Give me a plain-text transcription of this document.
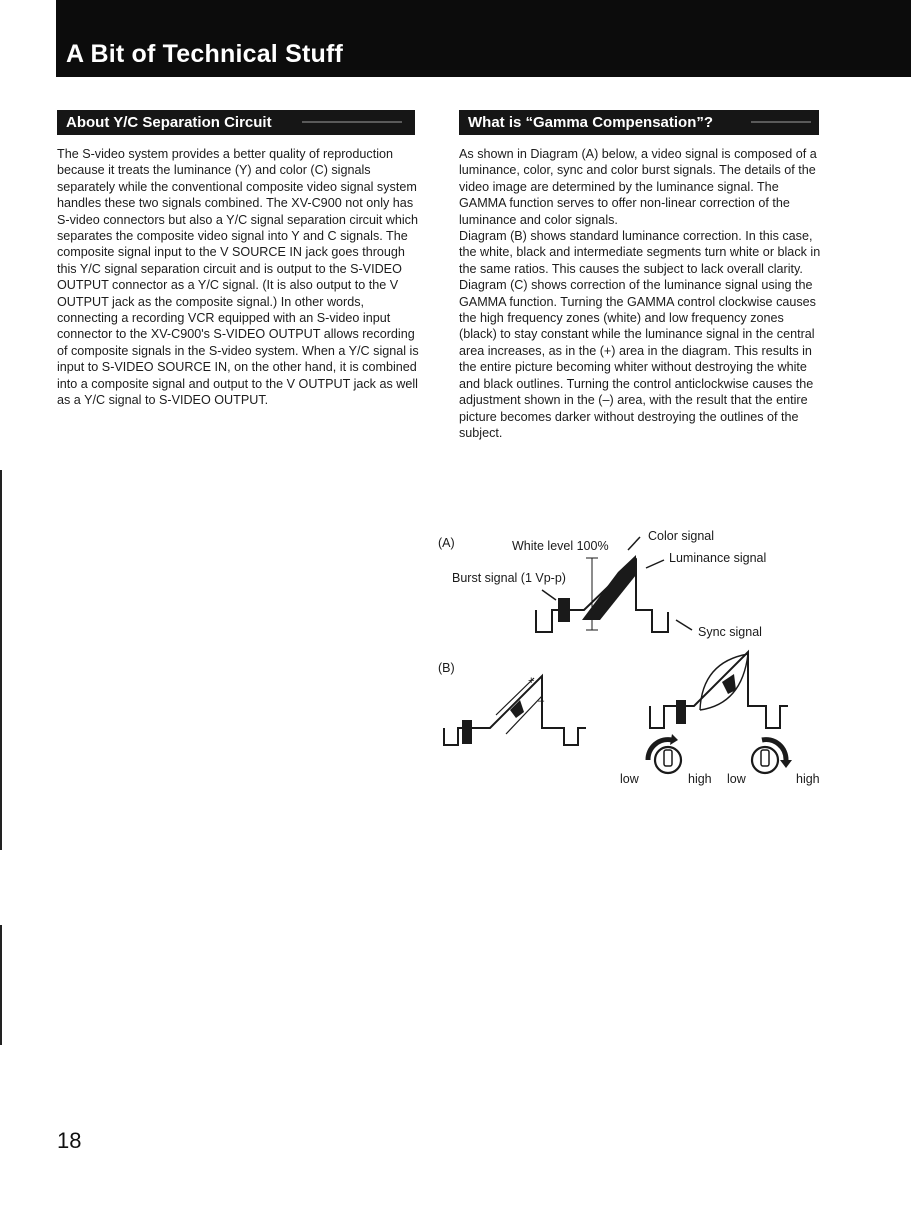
A Bit of Technical Stuff
About Y/C Separation Circuit

The S-video system provides a better quality of reproduction because it treats the luminance (Y) and color (C) signals separately while the conventional composite video signal system handles these two signals combined. The XV-C900 not only has S-video connectors but also a Y/C signal separation circuit which separates the composite video signal into Y and C signals. The composite signal input to the V SOURCE IN jack goes through this Y/C signal separation circuit and is output to the S-VIDEO OUTPUT connector as a Y/C signal. (It is also output to the V OUTPUT jack as the composite signal.) In other words, connecting a recording VCR equipped with an S-video input connector to the XV-C900's S-VIDEO OUTPUT allows recording of composite signals in the S-video system. When a Y/C signal is input to S-VIDEO SOURCE IN, on the other hand, it is combined into a composite signal and output to the V OUTPUT jack as well as a Y/C signal to S-VIDEO OUTPUT.

What is “Gamma Compensation”?

As shown in Diagram (A) below, a video signal is composed of a luminance, color, sync and color burst signals. The details of the video image are determined by the luminance signal. The GAMMA function serves to offer non-linear correction of the luminance and color signals.

Diagram (B) shows standard luminance correction. In this case, the white, black and intermediate segments turn white or black in the same ratios. This causes the subject to lack overall clarity.

Diagram (C) shows correction of the luminance signal using the GAMMA function. Turning the GAMMA control clockwise causes the high frequency zones (white) and low frequency zones (black) to stay constant while the luminance signal in the central area increases, as in the (+) area in the diagram. This results in the entire picture becoming whiter without destroying the white and black outlines. Turning the control anticlockwise causes the adjustment shown in the (–) area, with the result that the entire picture becomes darker without destroying the outlines of the subject.

(A)	White level 100%
Burst signal (1 Vp-p)
Color signal
Luminance signal
Sync signal
(B)
+
–
low	high low	high
18
